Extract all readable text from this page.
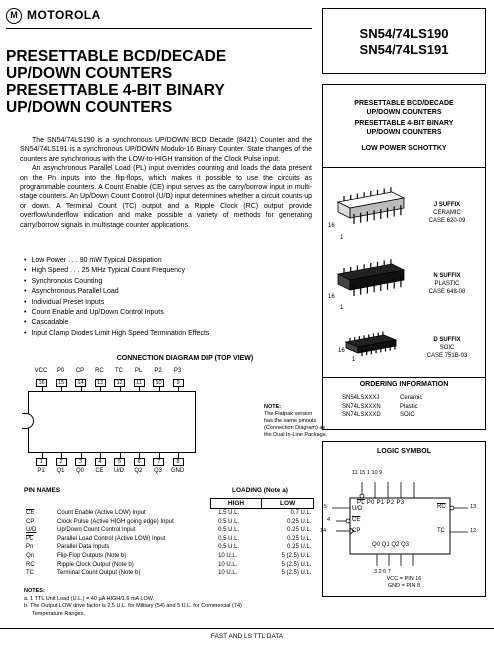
M MOTOROLA
PRESETTABLE BCD/DECADE
UP/DOWN COUNTERS
PRESETTABLE 4-BIT BINARY
UP/DOWN COUNTERS

The SN54/74LS190 is a synchronous UP/DOWN BCD Decade (8421) Counter and the SN54/74LS191 is a synchronous UP/DOWN Modulo-16 Binary Counter. State changes of the counters are synchronous with the LOW-to-HIGH transition of the Clock Pulse input.

An asynchronous Parallel Load (PL) input overrides counting and loads the data present on the Pn inputs into the flip-flops, which makes it possible to use the circuits as programmable counters. A Count Enable (CE) input serves as the carry/borrow input in multi-stage counters. An Up/Down Count Control (U/D) input determines whether a circuit counts up or down. A Terminal Count (TC) output and a Ripple Clock (RC) output provide overflow/underflow indication and make possible a variety of methods for generating carry/borrow signals in multistage counter applications.

• Low Power . . . 90 mW Typical Dissipation
• High Speed . . . 25 MHz Typical Count Frequency
• Synchronous Counting
• Asynchronous Parallel Load
• Individual Preset Inputs
• Count Enable and Up/Down Control Inputs
• Cascadable
• Input Clamp Diodes Limit High Speed Termination Effects
CONNECTION DIAGRAM DIP (TOP VIEW)
VCC
16
1
P1
P0
15
2
Q1
CP
14
3
Q0
RC
13
4
CE
TC
12
5
U/D
PL
11
6
Q2
P2
10
7
Q3
P3
9
8
GND
NOTE:
The Flatpak version
has the same pinouts
(Connection Diagram) as
the Dual In-Line Package.
PIN NAMES	LOADING (Note a)
		HIGH	LOW
$\overline{CE}$	Count Enable (Active LOW) Input	1.5 U.L.	0.7 U.L.
CP	Clock Pulse (Active HIGH going edge) Input	0.5 U.L.	0.25 U.L.
U/D	Up/Down Count Control Input	0.5 U.L.	0.25 U.L.
$\overline{PL}$	Parallel Load Control (Active LOW) Input	0.5 U.L.	0.25 U.L.
Pn	Parallel Data Inputs	0.5 U.L.	0.25 U.L.
Qn	Flip-Flop Outputs (Note b)	10 U.L.	5 (2.5) U.L.
RC	Ripple Clock Output (Note b)	10 U.L.	5 (2.5) U.L.
TC	Terminal Count Output (Note b)	10 U.L.	5 (2.5) U.L.
NOTES:
a. 1 TTL Unit Load (U.L.) = 40 µA HIGH/1.6 mA LOW.
b. The Output LOW drive factor is 2.5 U.L. for Military (54) and 5 U.L. for Commercial (74)
Temperature Ranges.
FAST AND LS TTL DATA
SN54/74LS190
SN54/74LS191
PRESETTABLE BCD/DECADE
UP/DOWN COUNTERS
PRESETTABLE 4-BIT BINARY
UP/DOWN COUNTERS
LOW POWER SCHOTTKY
16
1
J SUFFIX
CERAMIC
CASE 620-09
16
1
N SUFFIX
PLASTIC
CASE 648-08
16
1
D SUFFIX
SOIC
CASE 751B-03
ORDERING INFORMATION
SN54LSXXXJ	Ceramic
SN74LSXXXN	Plastic
SN74LSXXXD	SOIC
LOGIC SYMBOL
11 15 1 10 9
$\overline{PL}$ P0 P1 P2 P3
U/D
$\overline{CE}$
CP
$\overline{RC}$
TC
Q0 Q1 Q2 Q3
3 2 6 7
5
4
14
13
12
VCC = PIN 16
GND = PIN 8
